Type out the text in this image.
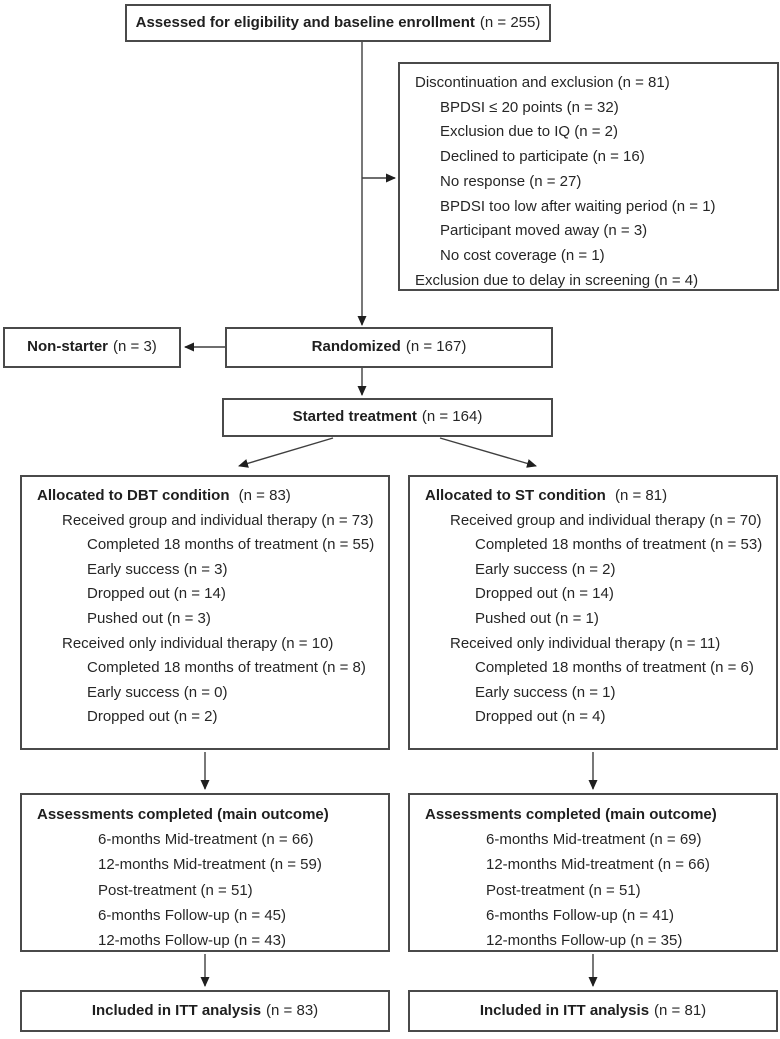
Assessed for eligibility and baseline enrollment (n = 255)
Discontinuation and exclusion (n = 81)
BPDSI ≤ 20 points (n = 32)
Exclusion due to IQ (n = 2)
Declined to participate (n = 16)
No response (n = 27)
BPDSI too low after waiting period (n = 1)
Participant moved away (n = 3)
No cost coverage (n = 1)
Exclusion due to delay in screening (n = 4)
Non-starter (n = 3)	Randomized (n = 167)
Started treatment (n = 164)
Allocated to DBT condition (n = 83)
Received group and individual therapy (n = 73)
Completed 18 months of treatment (n = 55)
Early success (n = 3)
Dropped out (n = 14)
Pushed out (n = 3)
Received only individual therapy (n = 10)
Completed 18 months of treatment (n = 8)
Early success (n = 0)
Dropped out (n = 2)
Allocated to ST condition (n = 81)
Received group and individual therapy (n = 70)
Completed 18 months of treatment (n = 53)
Early success (n = 2)
Dropped out (n = 14)
Pushed out (n = 1)
Received only individual therapy (n = 11)
Completed 18 months of treatment (n = 6)
Early success (n = 1)
Dropped out (n = 4)
Assessments completed (main outcome)
6-months Mid-treatment (n = 66)
12-months Mid-treatment (n = 59)
Post-treatment (n = 51)
6-months Follow-up (n = 45)
12-moths Follow-up (n = 43)
Assessments completed (main outcome)
6-months Mid-treatment (n = 69)
12-months Mid-treatment (n = 66)
Post-treatment (n = 51)
6-months Follow-up (n = 41)
12-months Follow-up (n = 35)
Included in ITT analysis (n = 83)	Included in ITT analysis (n = 81)
